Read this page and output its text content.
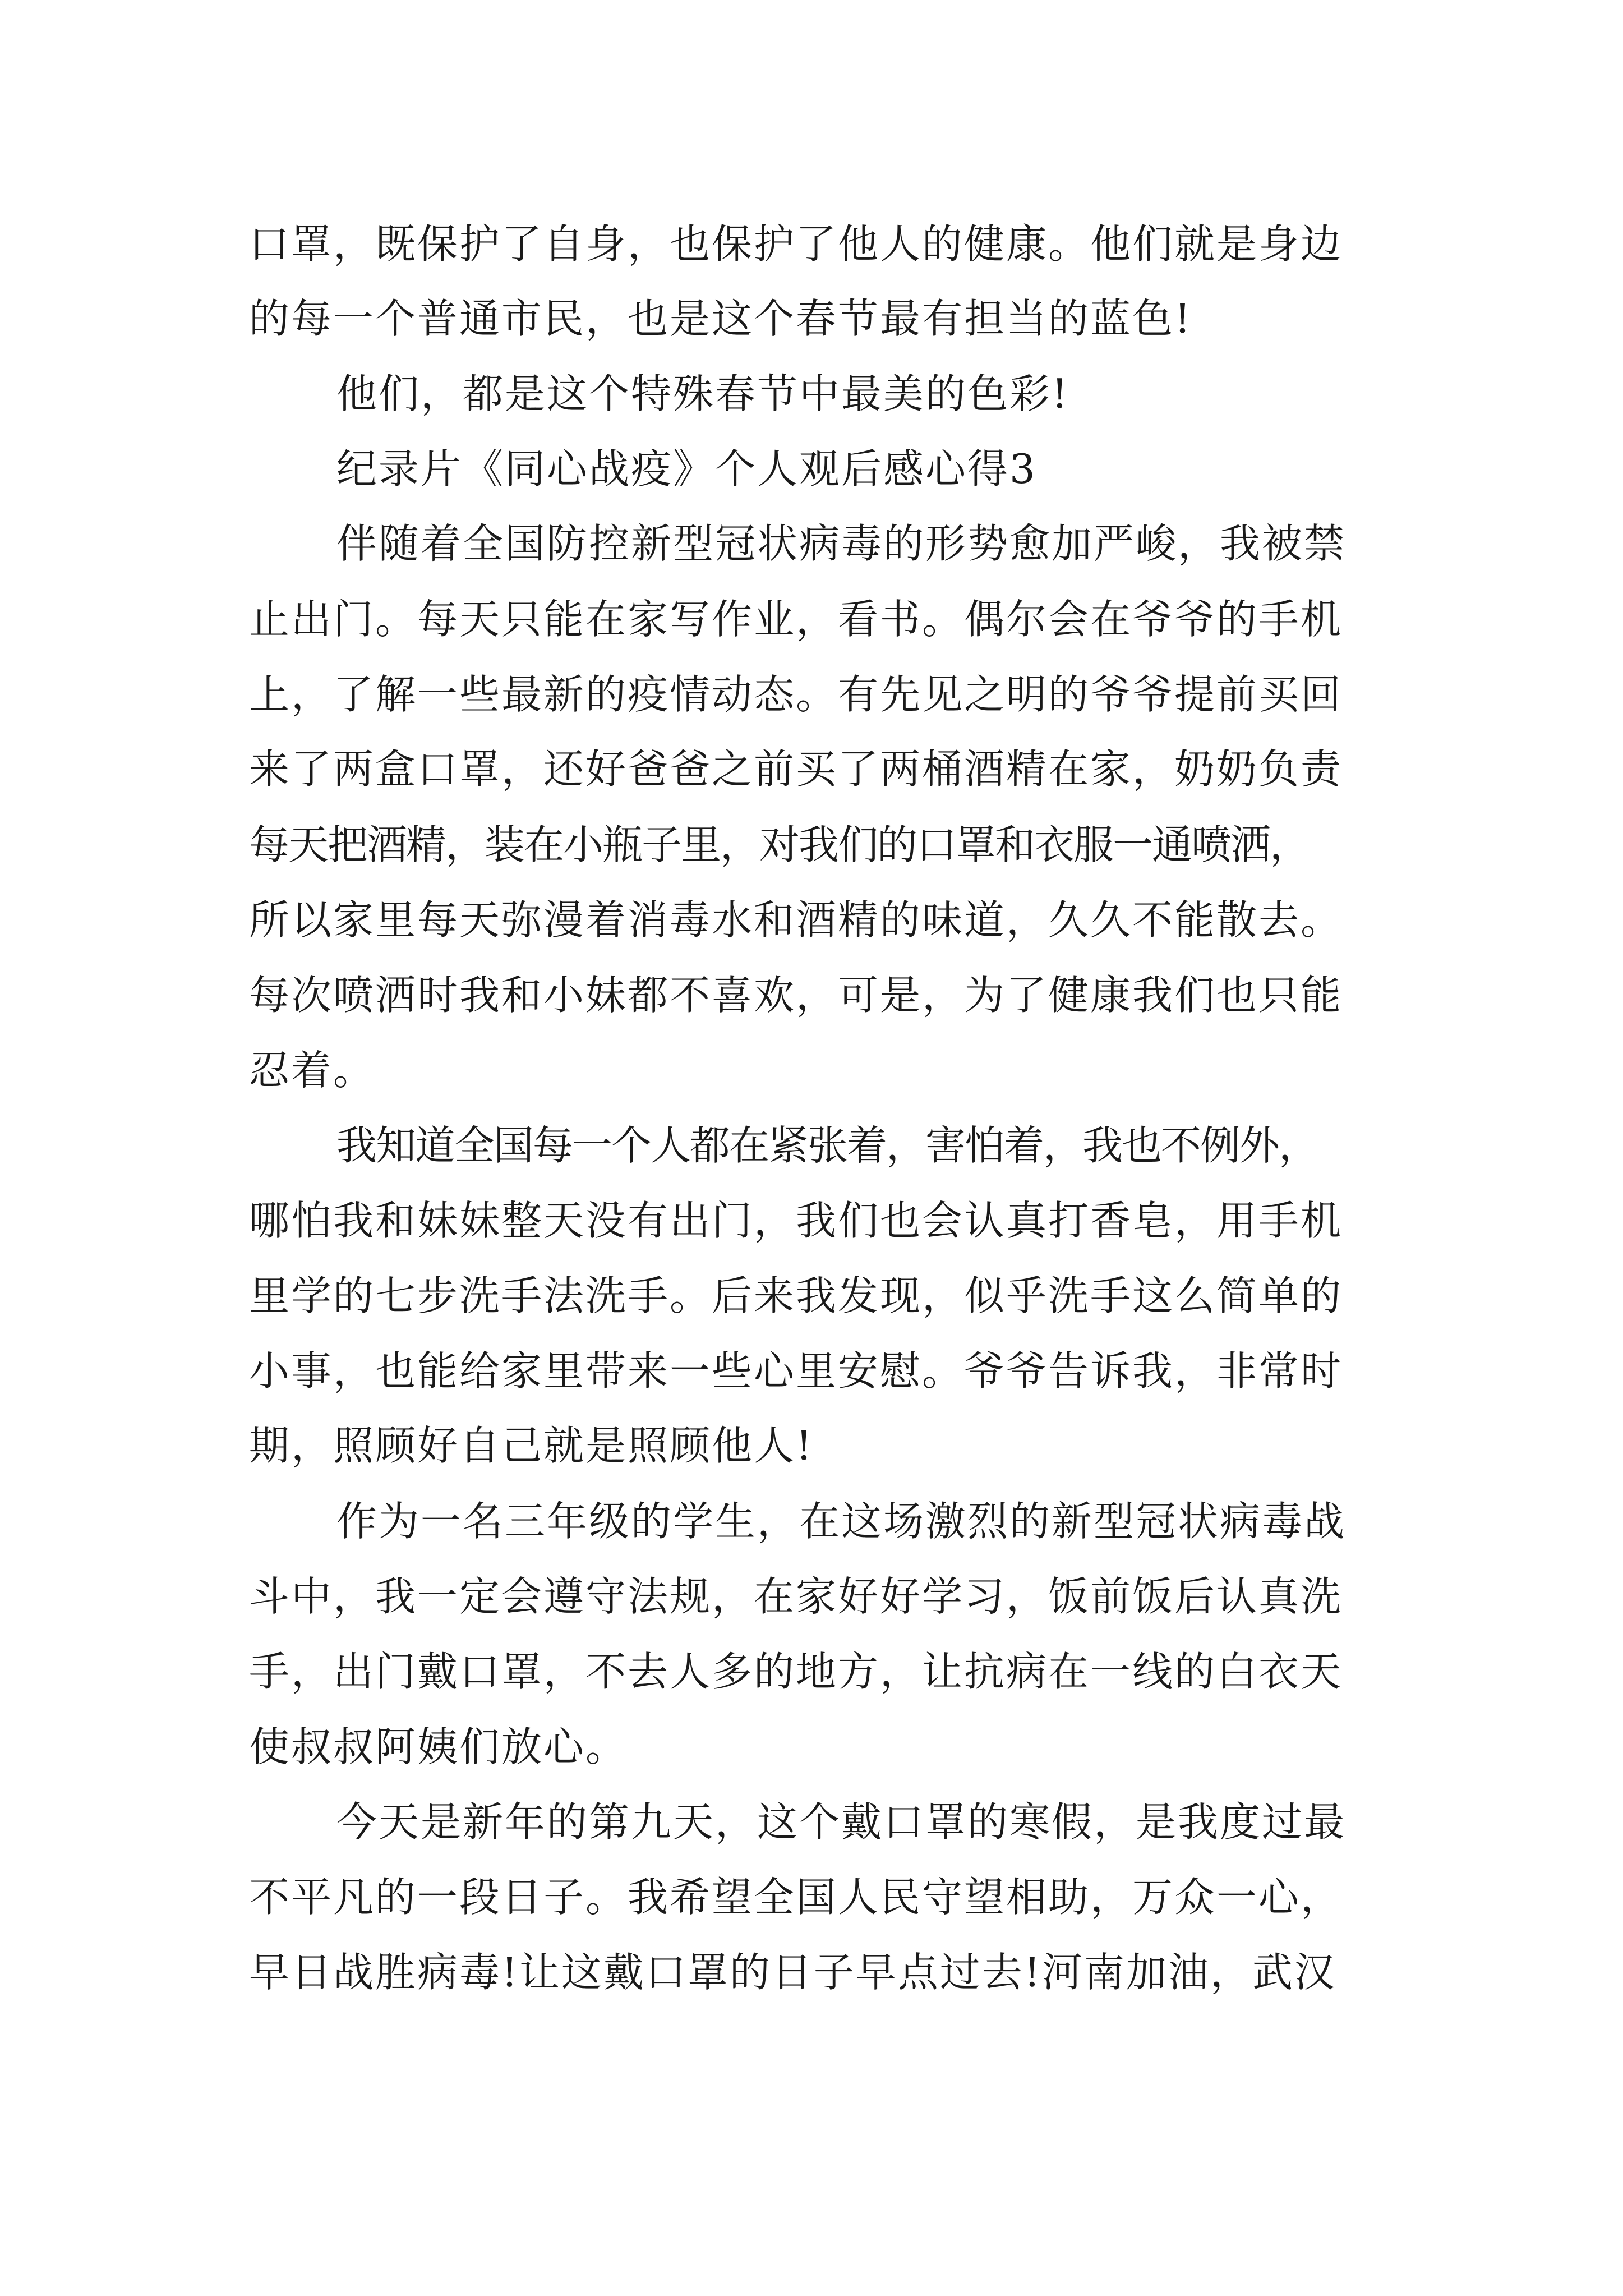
口罩，既保护了自身，也保护了他人的健康。他们就是身边

的每一个普通市民，也是这个春节最有担当的蓝色!

他们，都是这个特殊春节中最美的色彩!

纪录片《同心战疫》个人观后感心得3

伴随着全国防控新型冠状病毒的形势愈加严峻，我被禁

止出门。每天只能在家写作业，看书。偶尔会在爷爷的手机

上，了解一些最新的疫情动态。有先见之明的爷爷提前买回

来了两盒口罩，还好爸爸之前买了两桶酒精在家，奶奶负责

每天把酒精，装在小瓶子里，对我们的口罩和衣服一通喷洒，

所以家里每天弥漫着消毒水和酒精的味道，久久不能散去。

每次喷洒时我和小妹都不喜欢，可是，为了健康我们也只能

忍着。

我知道全国每一个人都在紧张着，害怕着，我也不例外，

哪怕我和妹妹整天没有出门，我们也会认真打香皂，用手机

里学的七步洗手法洗手。后来我发现，似乎洗手这么简单的

小事，也能给家里带来一些心里安慰。爷爷告诉我，非常时

期，照顾好自己就是照顾他人!

作为一名三年级的学生，在这场激烈的新型冠状病毒战

斗中，我一定会遵守法规，在家好好学习，饭前饭后认真洗

手，出门戴口罩，不去人多的地方，让抗病在一线的白衣天

使叔叔阿姨们放心。

今天是新年的第九天，这个戴口罩的寒假，是我度过最

不平凡的一段日子。我希望全国人民守望相助，万众一心，

早日战胜病毒!让这戴口罩的日子早点过去!河南加油，武汉
